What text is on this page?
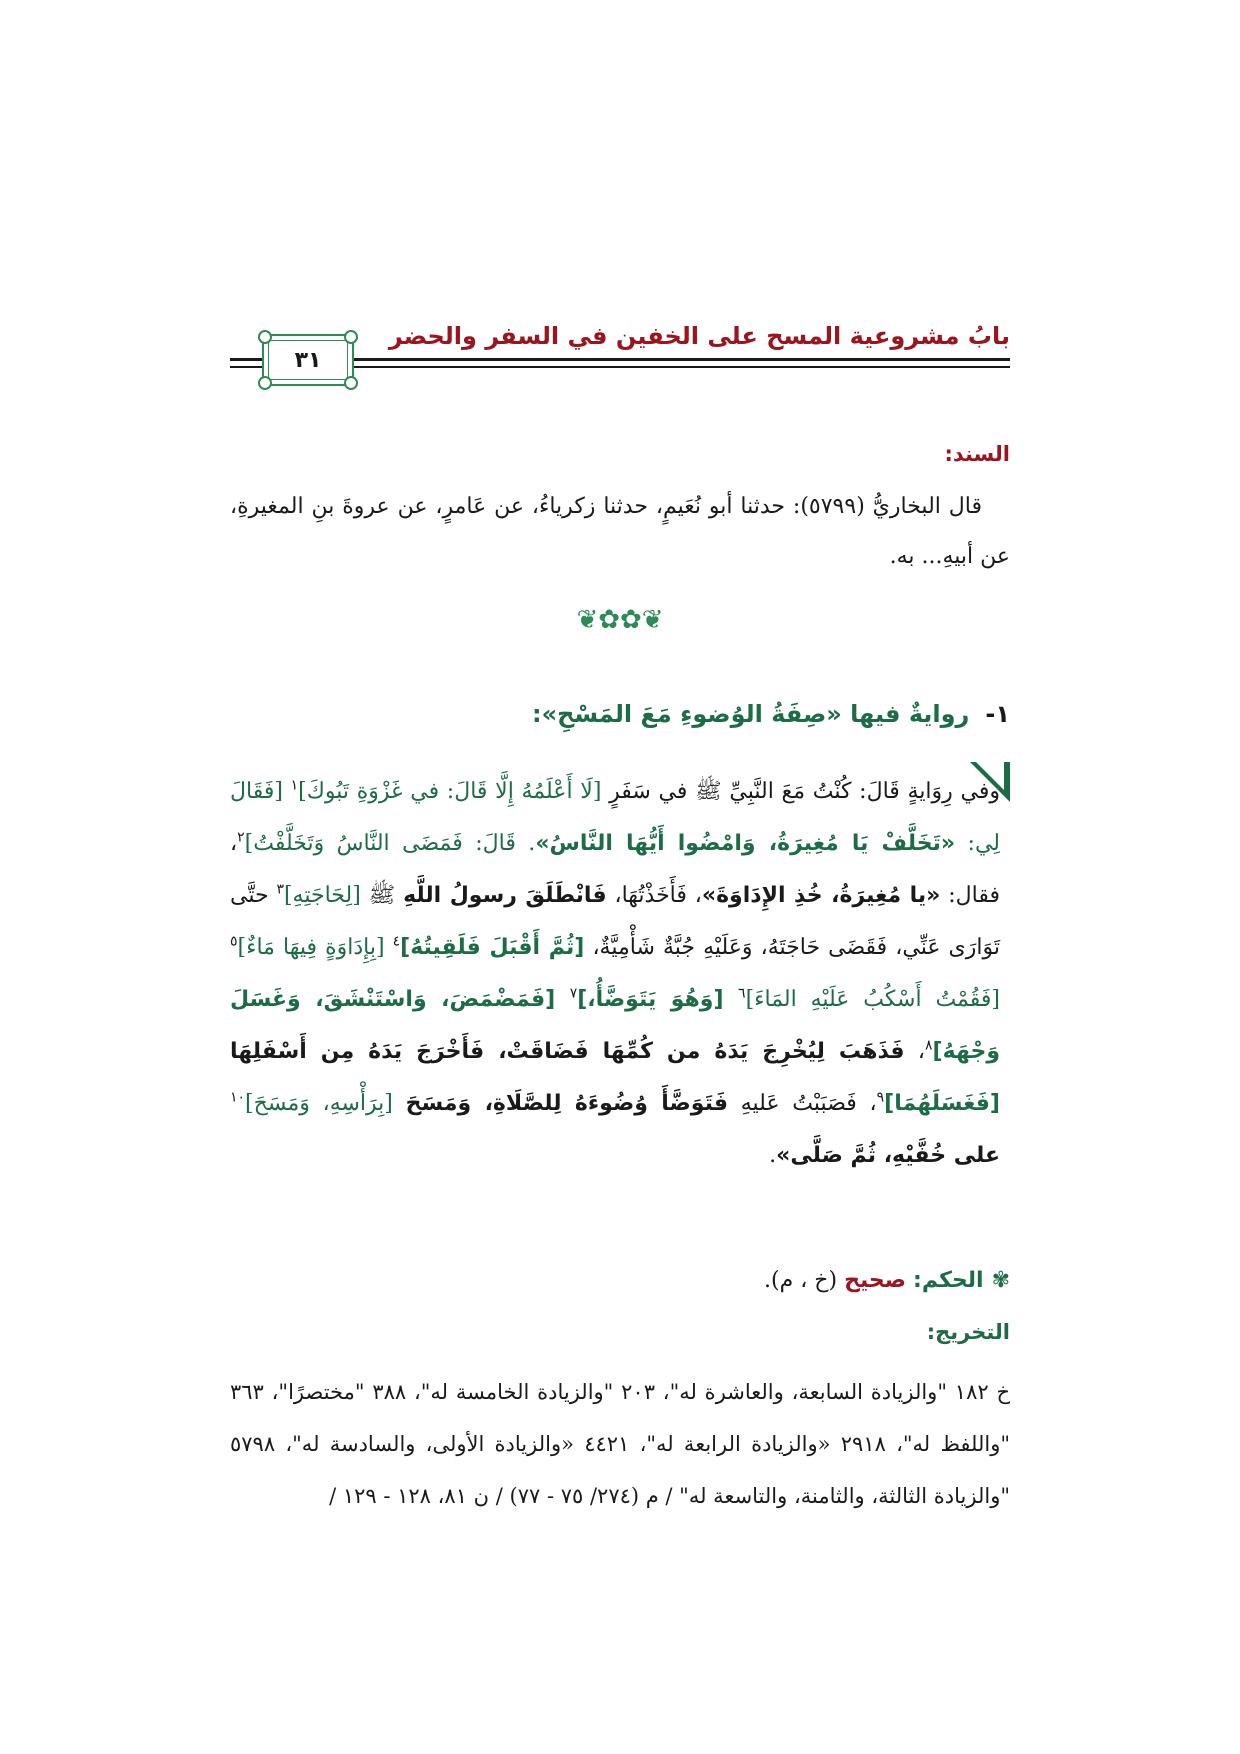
بابُ مشروعية المسح على الخفين في السفر والحضر
٣١
السند:
قال البخاريُّ (٥٧٩٩): حدثنا أبو نُعَيمٍ، حدثنا زكرياءُ، عن عَامرٍ، عن عروةَ بنِ المغيرةِ، عن أبيهِ... به.
❦✿✿❦
١-روايةٌ فيها «صِفَةُ الوُضوءِ مَعَ المَسْحِ»:
وفي رِوَايةٍ قَالَ: كُنْتُ مَعَ النَّبِيِّ ﷺ في سَفَرٍ [لَا أَعْلَمُهُ إِلَّا قَالَ: في غَزْوَةِ تَبُوكَ]$^١$ [فَقَالَ لِي: «تَخَلَّفْ يَا مُغِيرَةُ، وَامْضُوا أَيُّهَا النَّاسُ». قَالَ: فَمَضَى النَّاسُ وَتَخَلَّفْتُ]$^٢$، فقال: «يا مُغِيرَةُ، خُذِ الإِدَاوَةَ»، فَأَخَذْتُهَا، فَانْطَلَقَ رسولُ اللَّهِ ﷺ [لِحَاجَتِهِ]$^٣$ حتَّى تَوَارَى عَنِّي، فَقَضَى حَاجَتَهُ، وَعَلَيْهِ جُبَّةٌ شَأْمِيَّةٌ، [ثُمَّ أَقْبَلَ فَلَقِيتُهُ]$^٤$ [بِإِدَاوَةٍ فِيهَا مَاءٌ]$^٥$ [فَقُمْتُ أَسْكُبُ عَلَيْهِ المَاءَ]$^٦$ [وَهُوَ يَتَوَضَّأُ،]$^٧$ [فَمَضْمَضَ، وَاسْتَنْشَقَ، وَغَسَلَ وَجْهَهُ]$^٨$، فَذَهَبَ لِيُخْرِجَ يَدَهُ من كُمِّهَا فَضَاقَتْ، فَأَخْرَجَ يَدَهُ مِن أَسْفَلِهَا [فَغَسَلَهُمَا]$^٩$، فَصَبَبْتُ عَليهِ فَتَوَضَّأَ وُضُوءَهُ لِلصَّلَاةِ، وَمَسَحَ [بِرَأْسِهِ، وَمَسَحَ]$^{١٠}$ على خُفَّيْهِ، ثُمَّ صَلَّى».
✾الحكم: صحيح (خ ، م).
التخريج:
خ ١٨٢ "والزيادة السابعة، والعاشرة له"، ٢٠٣ "والزيادة الخامسة له"، ٣٨٨ "مختصرًا"، ٣٦٣ "واللفظ له"، ٢٩١٨ «والزيادة الرابعة له"، ٤٤٢١ «والزيادة الأولى، والسادسة له"، ٥٧٩٨ "والزيادة الثالثة، والثامنة، والتاسعة له" / م (٢٧٤/ ٧٥ - ٧٧) / ن ٨١، ١٢٨ - ١٢٩ /
